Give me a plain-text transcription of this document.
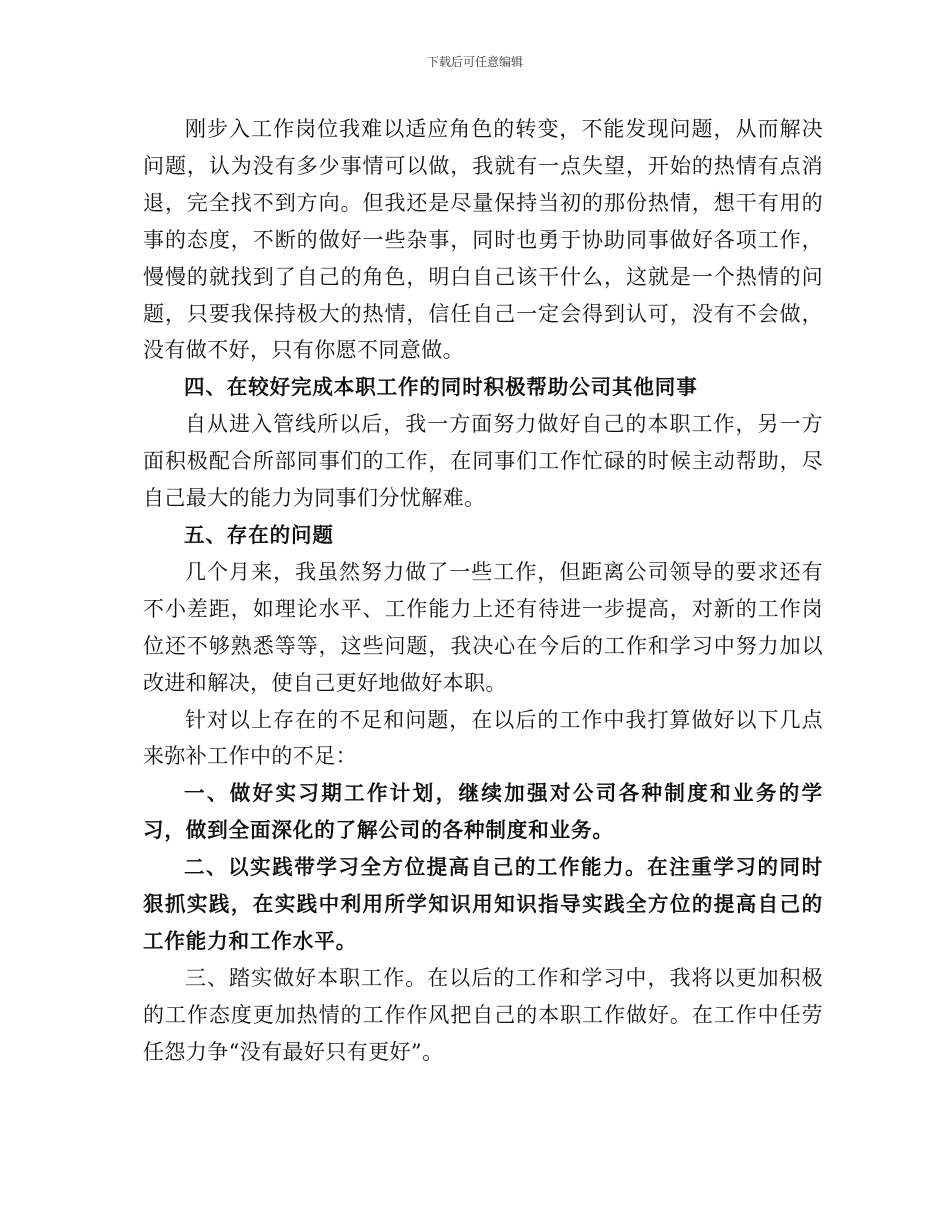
下载后可任意编辑

刚步入工作岗位我难以适应角色的转变，不能发现问题，从而解决问题，认为没有多少事情可以做，我就有一点失望，开始的热情有点消退，完全找不到方向。但我还是尽量保持当初的那份热情，想干有用的事的态度，不断的做好一些杂事，同时也勇于协助同事做好各项工作，慢慢的就找到了自己的角色，明白自己该干什么，这就是一个热情的问题，只要我保持极大的热情，信任自己一定会得到认可，没有不会做，没有做不好，只有你愿不同意做。

四、在较好完成本职工作的同时积极帮助公司其他同事

自从进入管线所以后，我一方面努力做好自己的本职工作，另一方面积极配合所部同事们的工作，在同事们工作忙碌的时候主动帮助，尽自己最大的能力为同事们分忧解难。

五、存在的问题

几个月来，我虽然努力做了一些工作，但距离公司领导的要求还有不小差距，如理论水平、工作能力上还有待进一步提高，对新的工作岗位还不够熟悉等等，这些问题，我决心在今后的工作和学习中努力加以改进和解决，使自己更好地做好本职。

针对以上存在的不足和问题，在以后的工作中我打算做好以下几点来弥补工作中的不足：

一、做好实习期工作计划，继续加强对公司各种制度和业务的学习，做到全面深化的了解公司的各种制度和业务。

二、以实践带学习全方位提高自己的工作能力。在注重学习的同时狠抓实践，在实践中利用所学知识用知识指导实践全方位的提高自己的工作能力和工作水平。

三、踏实做好本职工作。在以后的工作和学习中，我将以更加积极的工作态度更加热情的工作作风把自己的本职工作做好。在工作中任劳任怨力争“没有最好只有更好”。
